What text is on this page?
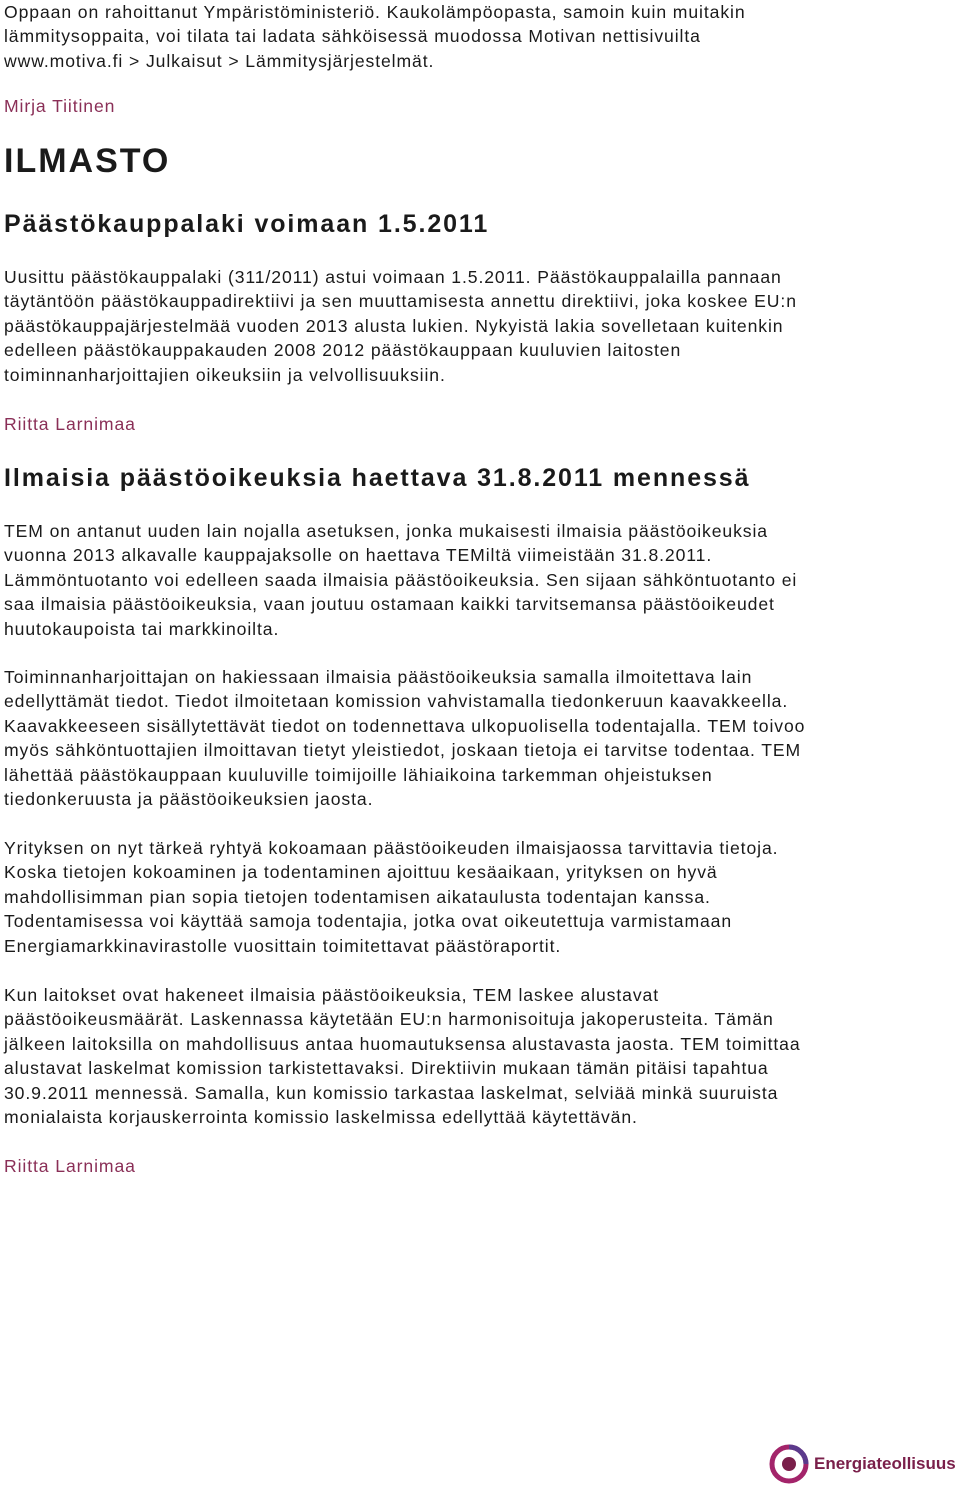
Oppaan on rahoittanut Ympäristöministeriö. Kaukolämpöopasta, samoin kuin muitakin

lämmitysoppaita, voi tilata tai ladata sähköisessä muodossa Motivan nettisivuilta

www.motiva.fi > Julkaisut > Lämmitysjärjestelmät.

Mirja Tiitinen

ILMASTO
Päästökauppalaki voimaan 1.5.2011

Uusittu päästökauppalaki (311/2011) astui voimaan 1.5.2011. Päästökauppalailla pannaan

täytäntöön päästökauppadirektiivi ja sen muuttamisesta annettu direktiivi, joka koskee EU:n

päästökauppajärjestelmää vuoden 2013 alusta lukien. Nykyistä lakia sovelletaan kuitenkin

edelleen päästökauppakauden 2008 2012 päästökauppaan kuuluvien laitosten

toiminnanharjoittajien oikeuksiin ja velvollisuuksiin.

Riitta Larnimaa

Ilmaisia päästöoikeuksia haettava 31.8.2011 mennessä

TEM on antanut uuden lain nojalla asetuksen, jonka mukaisesti ilmaisia päästöoikeuksia

vuonna 2013 alkavalle kauppajaksolle on haettava TEMiltä viimeistään 31.8.2011.

Lämmöntuotanto voi edelleen saada ilmaisia päästöoikeuksia. Sen sijaan sähköntuotanto ei

saa ilmaisia päästöoikeuksia, vaan joutuu ostamaan kaikki tarvitsemansa päästöoikeudet

huutokaupoista tai markkinoilta.

Toiminnanharjoittajan on hakiessaan ilmaisia päästöoikeuksia samalla ilmoitettava lain

edellyttämät tiedot. Tiedot ilmoitetaan komission vahvistamalla tiedonkeruun kaavakkeella.

Kaavakkeeseen sisällytettävät tiedot on todennettava ulkopuolisella todentajalla. TEM toivoo

myös sähköntuottajien ilmoittavan tietyt yleistiedot, joskaan tietoja ei tarvitse todentaa. TEM

lähettää päästökauppaan kuuluville toimijoille lähiaikoina tarkemman ohjeistuksen

tiedonkeruusta ja päästöoikeuksien jaosta.

Yrityksen on nyt tärkeä ryhtyä kokoamaan päästöoikeuden ilmaisjaossa tarvittavia tietoja.

Koska tietojen kokoaminen ja todentaminen ajoittuu kesäaikaan, yrityksen on hyvä

mahdollisimman pian sopia tietojen todentamisen aikataulusta todentajan kanssa.

Todentamisessa voi käyttää samoja todentajia, jotka ovat oikeutettuja varmistamaan

Energiamarkkinavirastolle vuosittain toimitettavat päästöraportit.

Kun laitokset ovat hakeneet ilmaisia päästöoikeuksia, TEM laskee alustavat

päästöoikeusmäärät. Laskennassa käytetään EU:n harmonisoituja jakoperusteita. Tämän

jälkeen laitoksilla on mahdollisuus antaa huomautuksensa alustavasta jaosta. TEM toimittaa

alustavat laskelmat komission tarkistettavaksi. Direktiivin mukaan tämän pitäisi tapahtua

30.9.2011 mennessä. Samalla, kun komissio tarkastaa laskelmat, selviää minkä suuruista

monialaista korjauskerrointa komissio laskelmissa edellyttää käytettävän.

Riitta Larnimaa

Energiateollisuus
